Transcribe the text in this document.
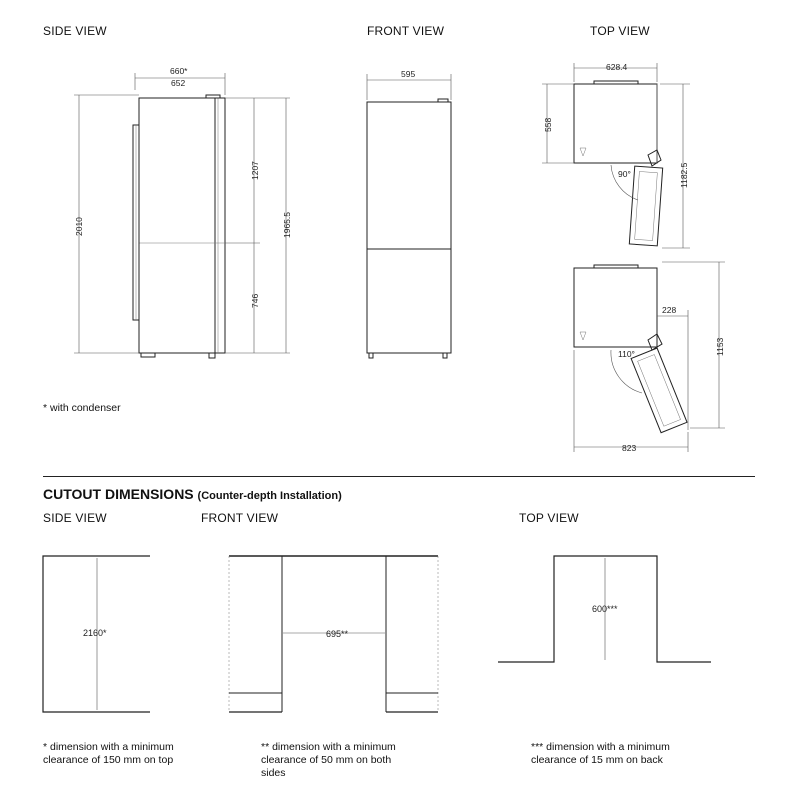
SIDE VIEW	FRONT VIEW	TOP VIEW
660*
652
2010
1207
746
1965.5
595
628.4
558
90°	1182.5
110°
228
1153
823
2160*	695**
600***
* with condenser
CUTOUT DIMENSIONS (Counter-depth Installation)
SIDE VIEW	FRONT VIEW	TOP VIEW
* dimension with a minimum
clearance of 150 mm on top
** dimension with a minimum
clearance of 50 mm on both
sides
*** dimension with a minimum
clearance of 15 mm on back
